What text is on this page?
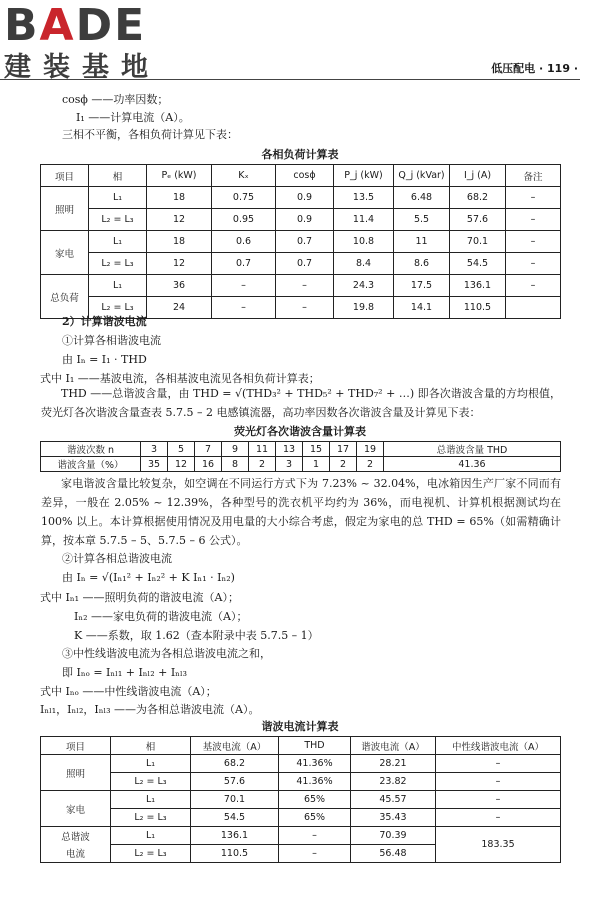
BADE
建装基地	低压配电 · 119 ·
cosϕ ——功率因数；
I₁ ——计算电流（A）。
三相不平衡，各相负荷计算见下表：
各相负荷计算表
项目	相	Pₑ (kW)	Kₓ	cosϕ	P_j (kW)	Q_j (kVar)	I_j (A)	备注
照明	L₁	18	0.75	0.9	13.5	6.48	68.2	–
	L₂ = L₃	12	0.95	0.9	11.4	5.5	57.6	–
家电	L₁	18	0.6	0.7	10.8	11	70.1	–
	L₂ = L₃	12	0.7	0.7	8.4	8.6	54.5	–
总负荷	L₁	36	–	–	24.3	17.5	136.1	–
	L₂ = L₃	24	–	–	19.8	14.1	110.5	
2）计算谐波电流
①计算各相谐波电流
由 Iₙ = I₁ · THD
式中 I₁ ——基波电流，各相基波电流见各相负荷计算表；
THD ——总谐波含量，由 THD = √(THD₃² + THD₅² + THD₇² + …) 即各次谐波含量的方均根值，荧光灯各次谐波含量查表 5.7.5 – 2 电感镇流器，高功率因数各次谐波含量及计算见下表：
荧光灯各次谐波含量计算表
谐波次数 n	3	5	7	9	11	13	15	17	19	总谐波含量 THD
谐波含量（%）	35	12	16	8	2	3	1	2	2	41.36
家电谐波含量比较复杂，如空调在不同运行方式下为 7.23% ~ 32.04%，电冰箱因生产厂家不同而有差异，一般在 2.05% ~ 12.39%，各种型号的洗衣机平均约为 36%，而电视机、计算机根据测试均在 100% 以上。本计算根据使用情况及用电量的大小综合考虑，假定为家电的总 THD = 65%（如需精确计算，按本章 5.7.5 – 5、5.7.5 – 6 公式）。
②计算各相总谐波电流
由 Iₙ = √(Iₙ₁² + Iₙ₂² + K Iₙ₁ · Iₙ₂)
式中 Iₙ₁ ——照明负荷的谐波电流（A）；
Iₙ₂ ——家电负荷的谐波电流（A）；
K ——系数，取 1.62（查本附录中表 5.7.5 – 1）
③中性线谐波电流为各相总谐波电流之和，
即 Iₙₒ = Iₙₗ₁ + Iₙₗ₂ + Iₙₗ₃
式中 Iₙₒ ——中性线谐波电流（A）；
Iₙₗ₁，Iₙₗ₂，Iₙₗ₃ ——为各相总谐波电流（A）。
谐波电流计算表
项目	相	基波电流（A）	THD	谐波电流（A）	中性线谐波电流（A）
照明	L₁	68.2	41.36%	28.21	–
	L₂ = L₃	57.6	41.36%	23.82	–
家电	L₁	70.1	65%	45.57	–
	L₂ = L₃	54.5	65%	35.43	–
总谐波	L₁	136.1	–	70.39	183.35
电流	L₂ = L₃	110.5	–	56.48	
